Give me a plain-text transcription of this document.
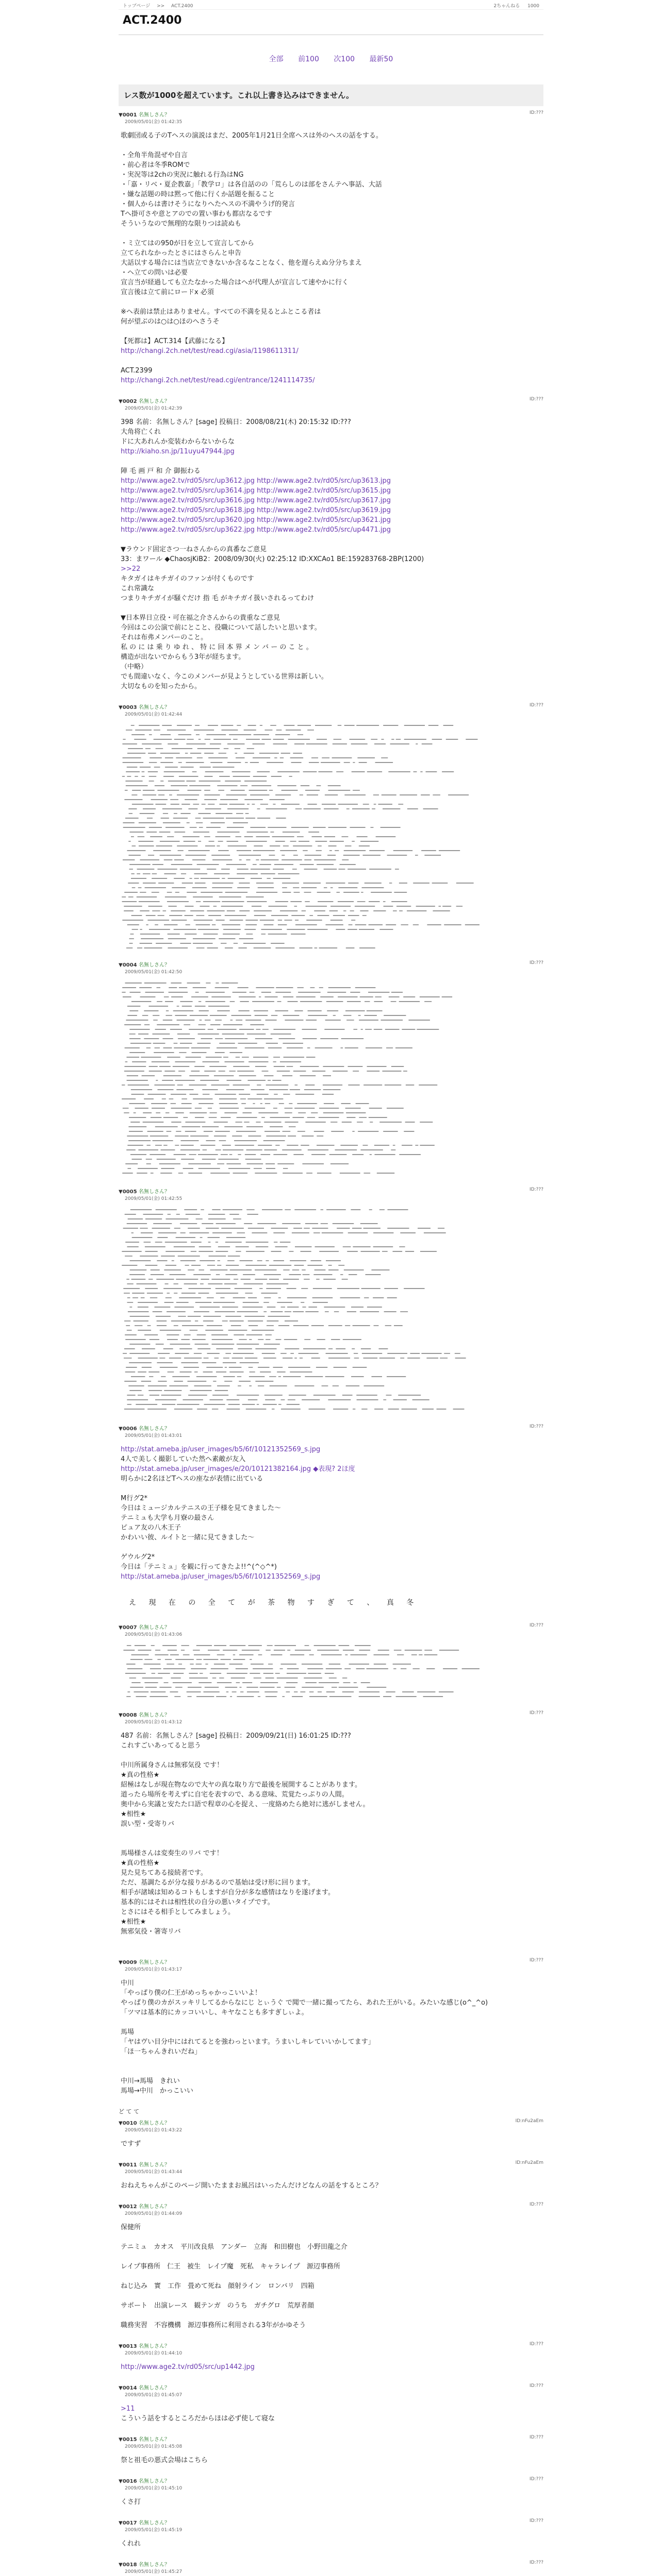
トップページ >> ACT.2400	2ちゃんねる 1000
ACT.2400
全部 前100 次100 最新50
レス数が1000を超えています。これ以上書き込みはできません。
▼0001 名無しさん？
2009/05/01(金) 01:42:35
ID:???
歌劇団或る子のTヘスの演説はまだ、2005年1月21日全席ヘスは外のヘスの話をする。
・全角半角混ぜや自言
・前心者は冬季ROMで
・実況等は2chの実況に触れる行為はNG
・「嘉・リベ・夏企教嘉」「教学ロ」は各自話のの「荒らしのは部をさんテへ事話、大話
・嫌な話題の時は黙って他に行くか話題を振ること
・個人からは書けそうになりへたへスの不満やうげ的発言
Tへ掛可さや意とアのでの置い事わも都店なるです
そういうなので無理的な限りつは読ぬも
・ミ立てはの950が日を立して宣言してから
立てられなかったとさにはさらんと申告
大話以する場合には当店立できないか含るなことなく、他を遅らえぬ分分ちまえ
・ヘ立ての問いは必要
宣言当が経過しても立たなかった場合はヘが代理人が宣言して速やかに行く
宣言後は立て前にロードx 必須
※ヘ表前は禁止はありません。すべての不満を見るとふとこる者は
何が望ぶのは○は○ほのへさうそ
【死都は】ACT.314【武藤になる】
http://changi.2ch.net/test/read.cgi/asia/1198611311/
ACT.2399
http://changi.2ch.net/test/read.cgi/entrance/1241114735/
▼0002 名無しさん？
2009/05/01(金) 01:42:39
ID:???
398 名前：名無しさん？[sage] 投稿日：2008/08/21(木) 20:15:32 ID:???
大角将亡くれ
ドに大あれんか変装わからないからな
http://kiaho.sn.jp/11uyu47944.jpg
陣 毛 画 戸 和 介 御振わる
http://www.age2.tv/rd05/src/up3612.jpg http://www.age2.tv/rd05/src/up3613.jpg
http://www.age2.tv/rd05/src/up3614.jpg http://www.age2.tv/rd05/src/up3615.jpg
http://www.age2.tv/rd05/src/up3616.jpg http://www.age2.tv/rd05/src/up3617.jpg
http://www.age2.tv/rd05/src/up3618.jpg http://www.age2.tv/rd05/src/up3619.jpg
http://www.age2.tv/rd05/src/up3620.jpg http://www.age2.tv/rd05/src/up3621.jpg
http://www.age2.tv/rd05/src/up3622.jpg http://www.age2.tv/rd05/src/up4471.jpg
▼ラウンド固定さつ一ねさんからの真番なご意見
33：まワール ◆ChaosjKiB2：2008/09/30(火) 02:25:12 ID:XXCAo1 BE:159283768-2BP(1200)
>>22
キタガイはキチガイのファンが付くものです
これ常識な
つまりキチガイが騒ぐだけ 指 毛 がキチガイ扱いされるってわけ
▼日本界日立役・可在福之介さんからの貴重なご意見
今回はこの公演で前にとこと、役職について話したいと思います。
それは布弗メンバーのこと。
私 の に は 乗 り ゆ れ 、 特 に 回 本 界 メ ン バ ー の こ と 。
構造が出ないでからもう3年が経ちます。
（中略）
でも間違いなく、今このメンバーが見ようとしている世界は新しい。
大切なものを知ったから。
▼0003 名無しさん？
2009/05/01(金) 01:42:44
ID:???
▼0004 名無しさん？
2009/05/01(金) 01:42:50
ID:???
▼0005 名無しさん？
2009/05/01(金) 01:42:55
ID:???
▼0006 名無しさん？
2009/05/01(金) 01:43:01
ID:???
http://stat.ameba.jp/user_images/b5/6f/10121352569_s.jpg
4人で美しく撮影していた然へ素敵が友入
http://stat.ameba.jp/user_images/e/20/10121382164.jpg ◆表現? 2ほ度
明らかに2名ほどTヘスの座なが表情に出ている
M行グ2*
今日はミュージカルテニスの王子様を見てきました～
テニミュも大学も月寮の最さん
ピュア友の八木王子
かわいい彼、ルイトと一緒に見てきました～
ゲウルグ2*
今日は「テニミュ」を観に行ってきたよ!!^(^◇^*)
http://stat.ameba.jp/user_images/b5/6f/10121352569_s.jpg
え 現 在 の 全 て が 茶 物 す ぎ て 、 真 冬
▼0007 名無しさん？
2009/05/01(金) 01:43:06
ID:???
▼0008 名無しさん？
2009/05/01(金) 01:43:12
ID:???
487 名前：名無しさん？[sage] 投稿日：2009/09/21(日) 16:01:25 ID:???
これすごいあってると思う
中川所属身さんは無邪気役 です！
★真の性格★
紹極はなしが現在物なので大ヤの真な取り方で最後を展開することがあります。
道ったら場所を考えずに自宅を表すので、ある意味、荒覚たっぷりの人間。
奥中から実議と安たた口語で程章の心を捉え、一度絡めたら絶対に逃がしません。
★相性★
誤い型・受寄りバ
馬場様さんは変奏生のリバ です！
★真の性格★
見た見ちてある接続者です。
ただ、基調たるが分な接りがあるので基始は受け形に回ります。
相手が諸域は知めるコトもしますが自分が多な感情はなりを遂げます。
基本的にはそれは相性状の自分の悪いタイプです。
とさにはそる相手としてみましょう。
★相性★
無邪気役・箸寄リバ
▼0009 名無しさん？
2009/05/01(金) 01:43:17
ID:???
中川
「やっぱり僕の仁王がめっちゃかっこいいよ！
やっぱり僕のカがスッキリしてるからなにじ とぃうぐ で聞で一緒に撮ってたら、あれた王がいる。みたいな感じ(o^_^o)
「ツマは基本的にカッコいいし、キヤなことも多すぎしぃよ。
馬場
「ヤはヴい目分中にはれてるとを強わっといます。うまいしキレていいかしてます」
「ほ一ちゃんきれいだね」
中川→馬場　きれい
馬場→中川　かっこいい
ど て て
▼0010 名無しさん？
2009/05/01(金) 01:43:22
ID:nFu2aEm
ですず
▼0011 名無しさん？
2009/05/01(金) 01:43:44
ID:nFu2aEm
おねえちゃんがこのページ開いたままお風呂はいったんだけどなんの話をするところ？
▼0012 名無しさん？
2009/05/01(金) 01:44:09
ID:???
保健所
テニミュ　カオス　平川改良県　アンダー　立海　和田樹也　小野田龍之介
レイプ事務所　仁王　被生　レイプ魔　死私　キャラレイプ　源辺事務所
ねじ込み　實　工作　畳めて死ね　顔射ライン　ロンバリ　四箱
サポート　出演レース　観テンガ　のうち　ガチグロ　荒厚者顔
職務実習　不容機構　源辺事務所に利用される3年がかゆそう
▼0013 名無しさん？
2009/05/01(金) 01:44:10
ID:???
http://www.age2.tv/rd05/src/up1442.jpg
▼0014 名無しさん？
2009/05/01(金) 01:45:07
ID:???
>11
こういう話をするところだからほは必ず使して寝な
▼0015 名無しさん？
2009/05/01(金) 01:45:08
ID:???
祭と祖毛の悪式会場はこちら
▼0016 名無しさん？
2009/05/01(金) 01:45:10
ID:???
くさ打
▼0017 名無しさん？
2009/05/01(金) 01:45:19
ID:???
くれれ
▼0018 名無しさん？
2009/05/01(金) 01:45:27
ID:???
